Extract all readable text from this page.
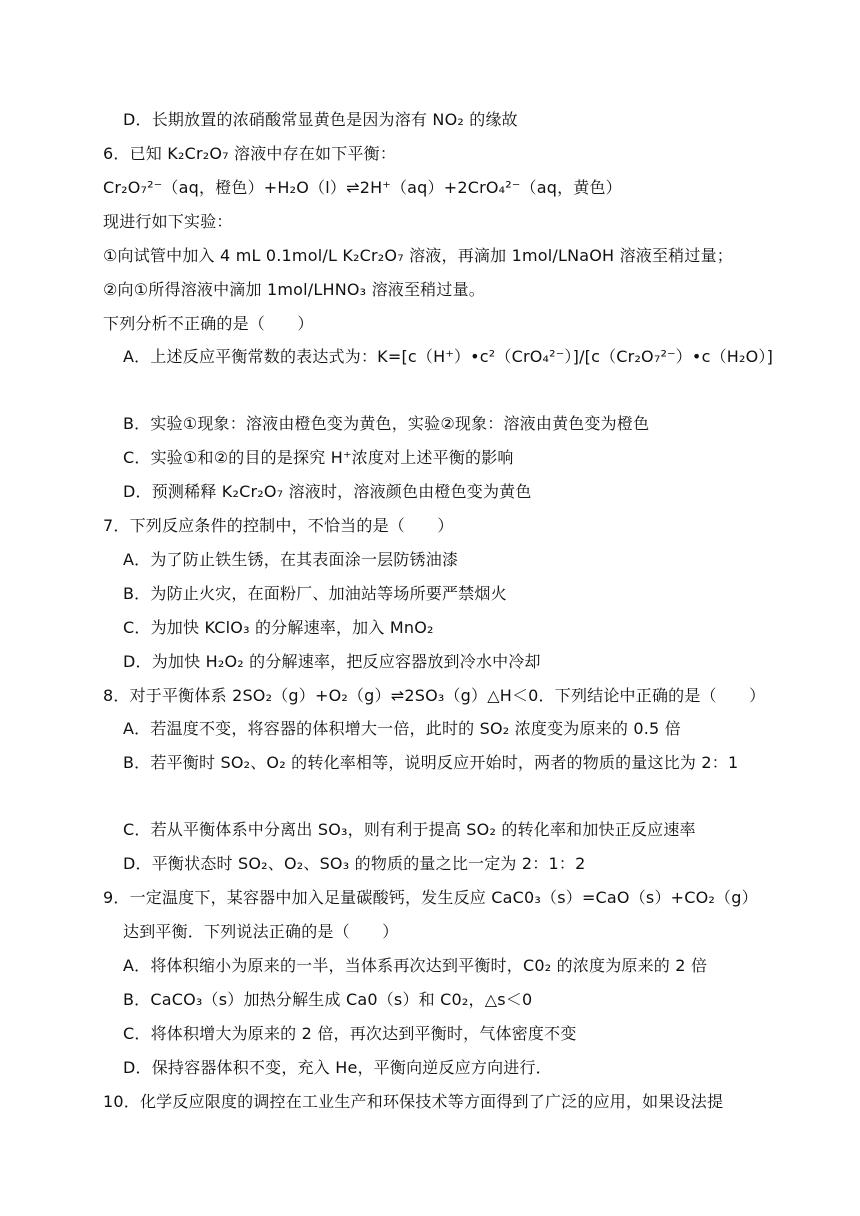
D．长期放置的浓硝酸常显黄色是因为溶有 NO₂ 的缘故
6．已知 K₂Cr₂O₇ 溶液中存在如下平衡：
Cr₂O₇²⁻（aq，橙色）+H₂O（l）⇌2H⁺（aq）+2CrO₄²⁻（aq，黄色）
现进行如下实验：
①向试管中加入 4 mL 0.1mol/L K₂Cr₂O₇ 溶液，再滴加 1mol/LNaOH 溶液至稍过量；
②向①所得溶液中滴加 1mol/LHNO₃ 溶液至稍过量。
下列分析不正确的是（　　）
A．上述反应平衡常数的表达式为：K=[c（H⁺）•c²（CrO₄²⁻）]/[c（Cr₂O₇²⁻）•c（H₂O）]
B．实验①现象：溶液由橙色变为黄色，实验②现象：溶液由黄色变为橙色
C．实验①和②的目的是探究 H⁺浓度对上述平衡的影响
D．预测稀释 K₂Cr₂O₇ 溶液时，溶液颜色由橙色变为黄色
7．下列反应条件的控制中，不恰当的是（　　）
A．为了防止铁生锈，在其表面涂一层防锈油漆
B．为防止火灾，在面粉厂、加油站等场所要严禁烟火
C．为加快 KClO₃ 的分解速率，加入 MnO₂
D．为加快 H₂O₂ 的分解速率，把反应容器放到冷水中冷却
8．对于平衡体系 2SO₂（g）+O₂（g）⇌2SO₃（g）△H＜0．下列结论中正确的是（　　）
A．若温度不变，将容器的体积增大一倍，此时的 SO₂ 浓度变为原来的 0.5 倍
B．若平衡时 SO₂、O₂ 的转化率相等，说明反应开始时，两者的物质的量这比为 2：1
C．若从平衡体系中分离出 SO₃，则有利于提高 SO₂ 的转化率和加快正反应速率
D．平衡状态时 SO₂、O₂、SO₃ 的物质的量之比一定为 2：1：2
9．一定温度下，某容器中加入足量碳酸钙，发生反应 CaC0₃（s）=CaO（s）+CO₂（g）
达到平衡．下列说法正确的是（　　）
A．将体积缩小为原来的一半，当体系再次达到平衡时，C0₂ 的浓度为原来的 2 倍
B．CaCO₃（s）加热分解生成 Ca0（s）和 C0₂，△s＜0
C．将体积增大为原来的 2 倍，再次达到平衡时，气体密度不变
D．保持容器体积不变，充入 He，平衡向逆反应方向进行．
10．化学反应限度的调控在工业生产和环保技术等方面得到了广泛的应用，如果设法提
